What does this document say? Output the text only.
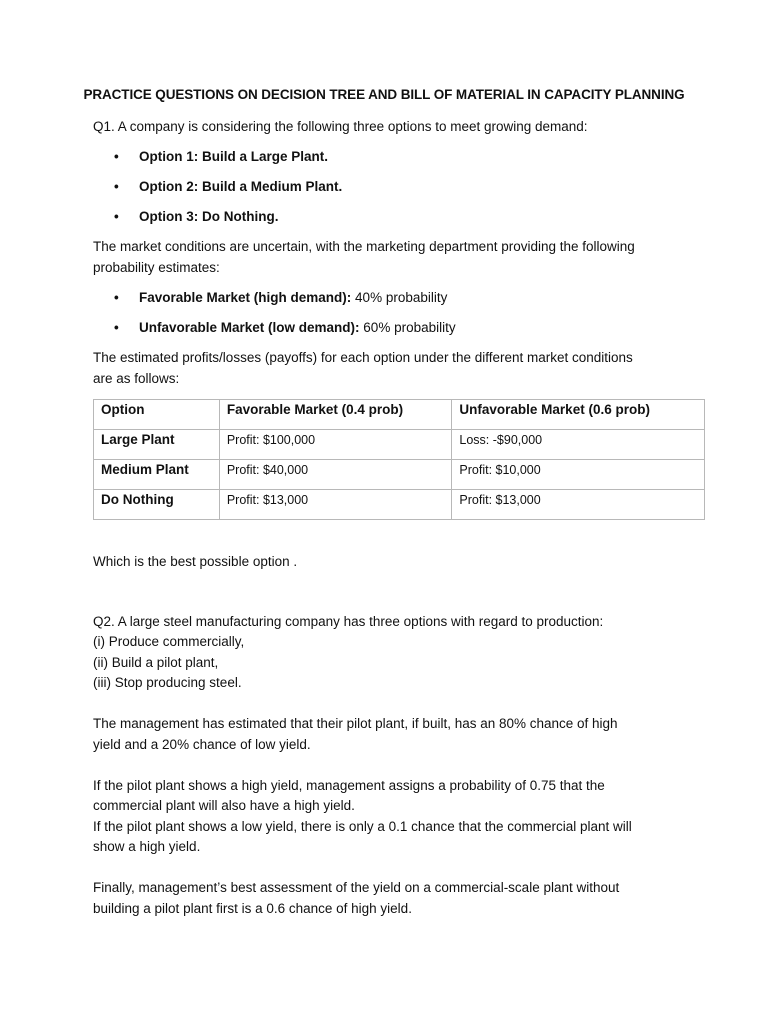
PRACTICE QUESTIONS ON DECISION TREE AND BILL OF MATERIAL IN CAPACITY PLANNING
Q1. A company is considering the following three options to meet growing demand:
• Option 1: Build a Large Plant.
• Option 2: Build a Medium Plant.
• Option 3: Do Nothing.
The market conditions are uncertain, with the marketing department providing the following
probability estimates:
• Favorable Market (high demand): 40% probability
• Unfavorable Market (low demand): 60% probability
The estimated profits/losses (payoffs) for each option under the different market conditions
are as follows:
Option	Favorable Market (0.4 prob)	Unfavorable Market (0.6 prob)
Large Plant	Profit: $100,000	Loss: -$90,000
Medium Plant	Profit: $40,000	Profit: $10,000
Do Nothing	Profit: $13,000	Profit: $13,000
Which is the best possible option .
Q2. A large steel manufacturing company has three options with regard to production:
(i) Produce commercially,
(ii) Build a pilot plant,
(iii) Stop producing steel.
The management has estimated that their pilot plant, if built, has an 80% chance of high
yield and a 20% chance of low yield.
If the pilot plant shows a high yield, management assigns a probability of 0.75 that the
commercial plant will also have a high yield.
If the pilot plant shows a low yield, there is only a 0.1 chance that the commercial plant will
show a high yield.
Finally, management’s best assessment of the yield on a commercial-scale plant without
building a pilot plant first is a 0.6 chance of high yield.
